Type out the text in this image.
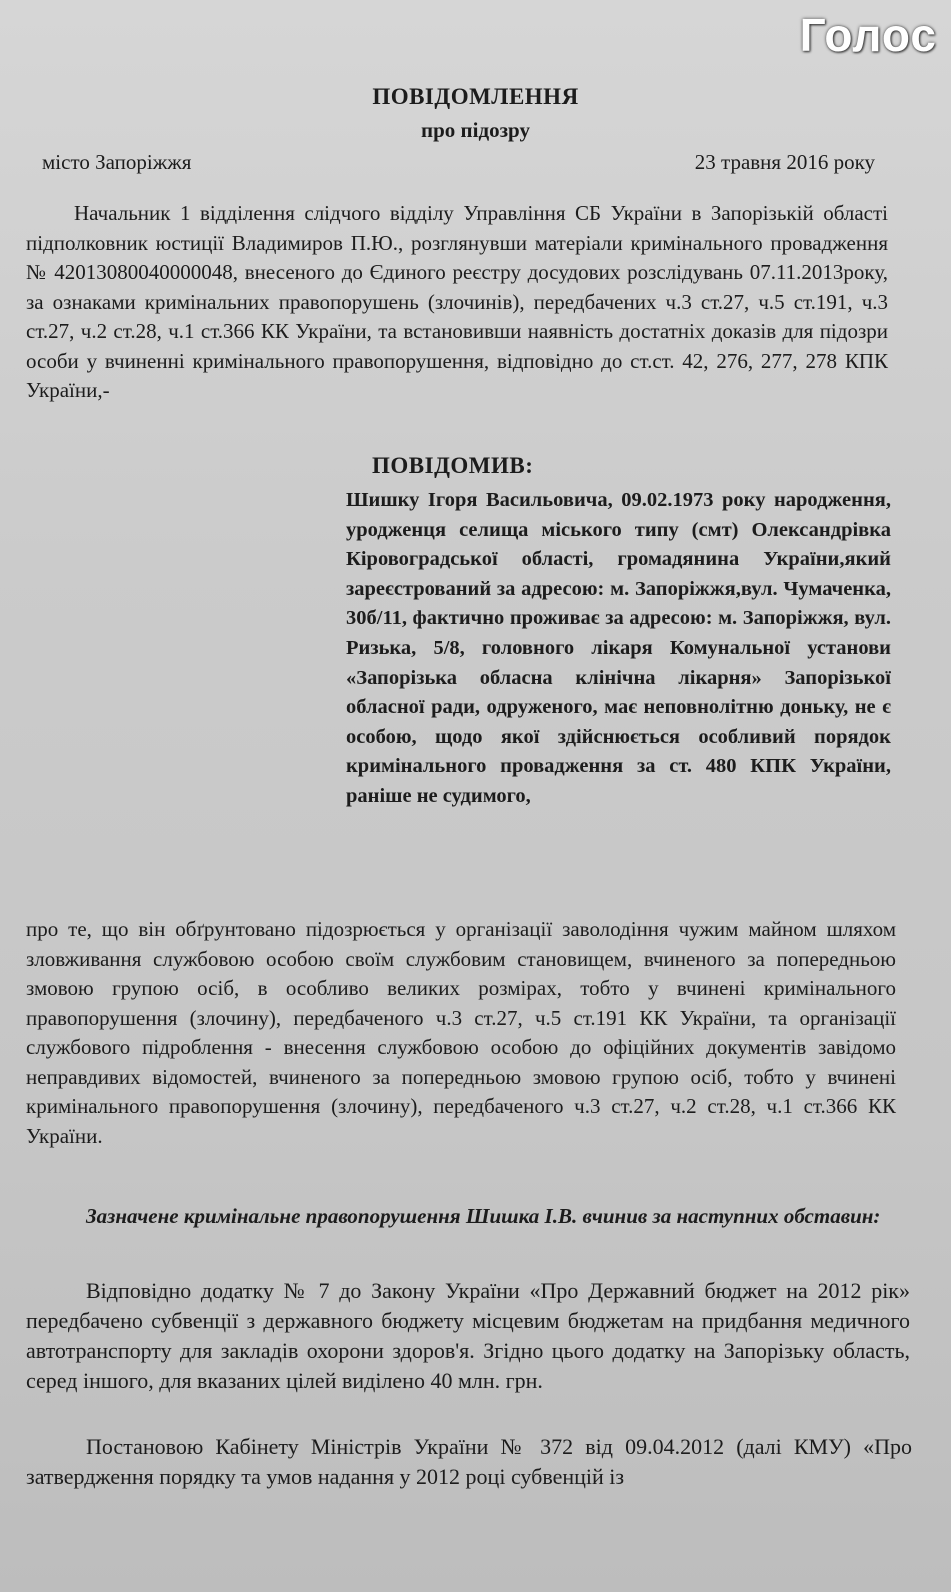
Голос
ПОВІДОМЛЕННЯ
про підозру
місто Запоріжжя	23 травня 2016 року

Начальник 1 відділення слідчого відділу Управління СБ України в Запорізькій області підполковник юстиції Владимиров П.Ю., розглянувши матеріали кримінального провадження № 42013080040000048, внесеного до Єдиного реєстру досудових розслідувань 07.11.2013року, за ознаками кримінальних правопорушень (злочинів), передбачених ч.3 ст.27, ч.5 ст.191, ч.3 ст.27, ч.2 ст.28, ч.1 ст.366 КК України, та встановивши наявність достатніх доказів для підозри особи у вчиненні кримінального правопорушення, відповідно до ст.ст. 42, 276, 277, 278 КПК України,-

ПОВІДОМИВ:

Шишку Ігоря Васильовича, 09.02.1973 року народження, уродженця селища міського типу (смт) Олександрівка Кіровоградської області, громадянина України,який зареєстрований за адресою: м. Запоріжжя,вул. Чумаченка, 30б/11, фактично проживає за адресою: м. Запоріжжя, вул. Ризька, 5/8, головного лікаря Комунальної установи «Запорізька обласна клінічна лікарня» Запорізької обласної ради, одруженого, має неповнолітню доньку, не є особою, щодо якої здійснюється особливий порядок кримінального провадження за ст. 480 КПК України, раніше не судимого,

про те, що він обґрунтовано підозрюється у організації заволодіння чужим майном шляхом зловживання службовою особою своїм службовим становищем, вчиненого за попередньою змовою групою осіб, в особливо великих розмірах, тобто у вчинені кримінального правопорушення (злочину), передбаченого ч.3 ст.27, ч.5 ст.191 КК України, та організації службового підроблення - внесення службовою особою до офіційних документів завідомо неправдивих відомостей, вчиненого за попередньою змовою групою осіб, тобто у вчинені кримінального правопорушення (злочину), передбаченого ч.3 ст.27, ч.2 ст.28, ч.1 ст.366 КК України.

Зазначене кримінальне правопорушення Шишка І.В. вчинив за наступних обставин:

Відповідно додатку № 7 до Закону України «Про Державний бюджет на 2012 рік» передбачено субвенції з державного бюджету місцевим бюджетам на придбання медичного автотранспорту для закладів охорони здоров'я. Згідно цього додатку на Запорізьку область, серед іншого, для вказаних цілей виділено 40 млн. грн.

Постановою Кабінету Міністрів України № 372 від 09.04.2012 (далі КМУ) «Про затвердження порядку та умов надання у 2012 році субвенцій із
